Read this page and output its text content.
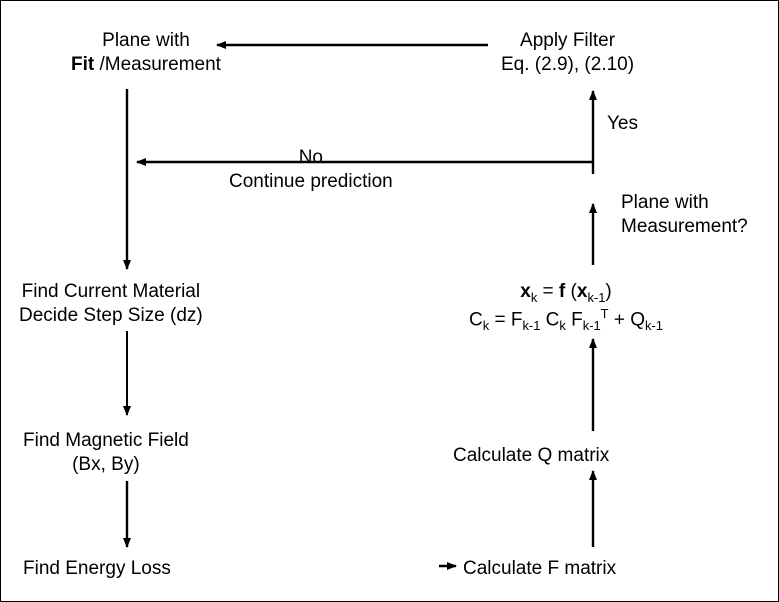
Plane with
Fit /Measurement
Apply Filter
Eq. (2.9), (2.10)
Yes
No
Continue prediction
Plane with
Measurement?
Find Current Material
Decide Step Size (dz)
$x_k = f$ $(x_{k-1})$
$C_k = F_{k-1}$ $C_k$ $F_{k-1}^T + Q_{k-1}$
Find Magnetic Field
(Bx, By)	Calculate Q matrix
Find Energy Loss	Calculate F matrix
